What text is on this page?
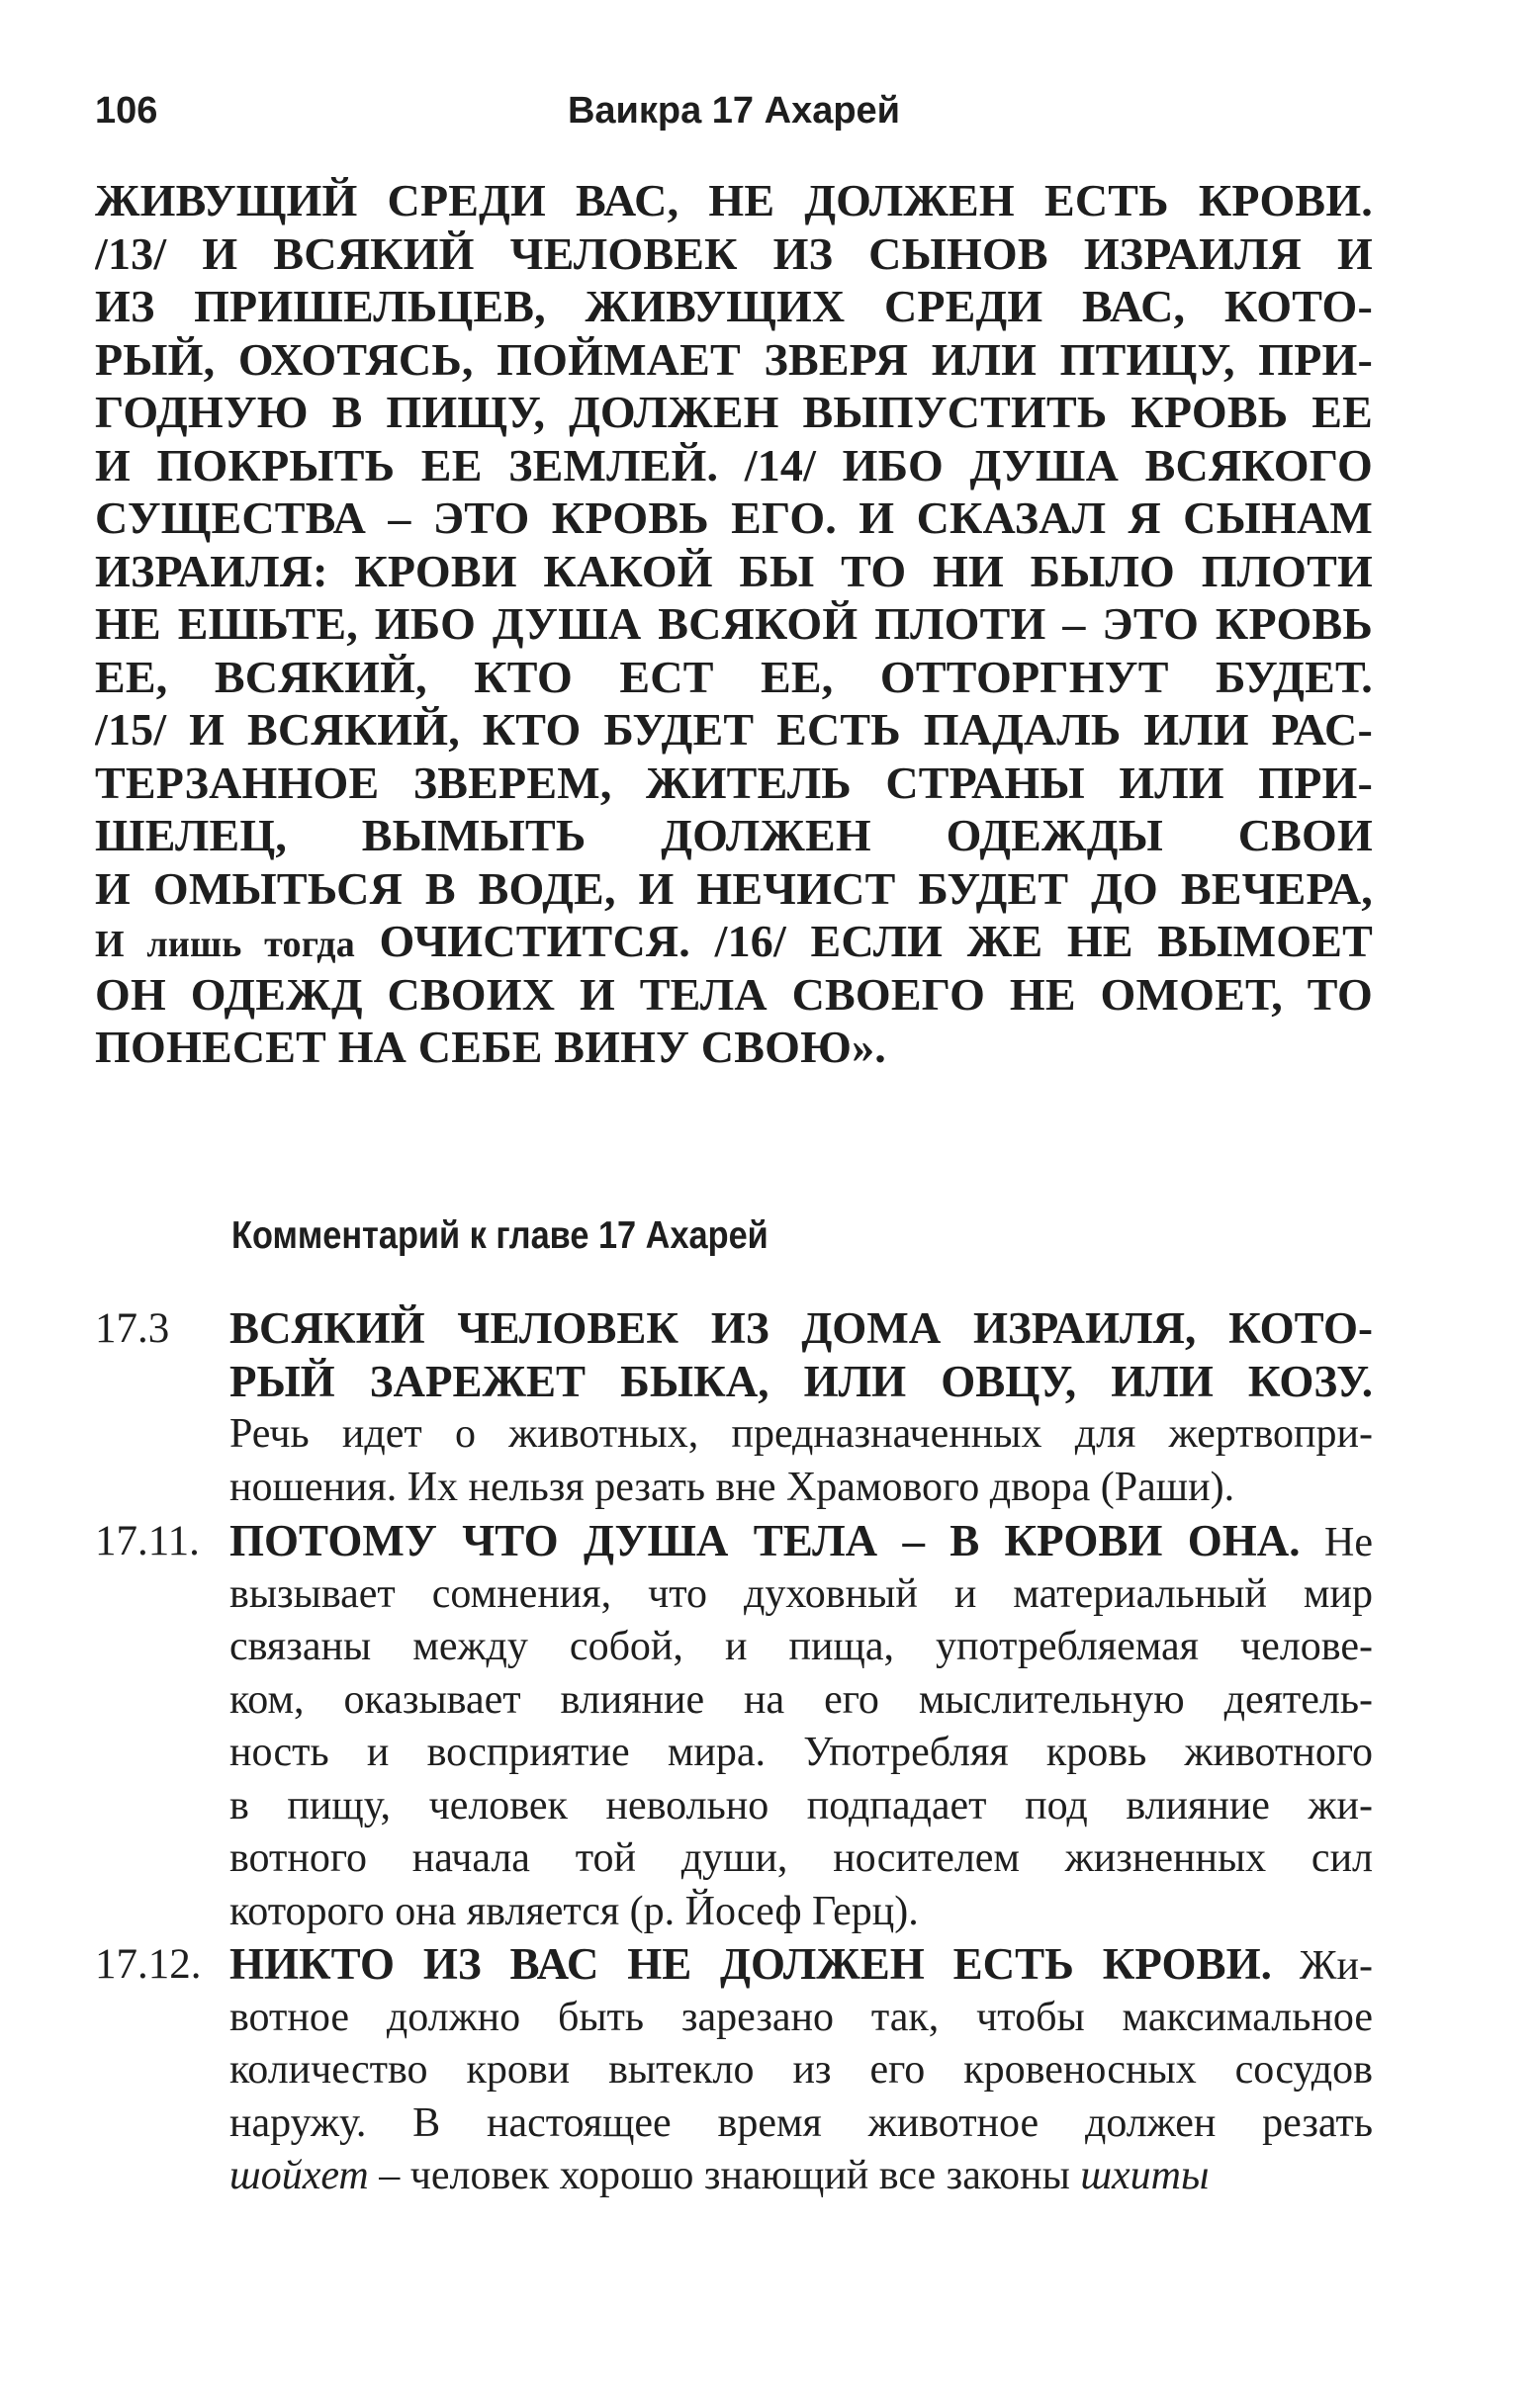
106	Ваикра 17 Ахарей
ЖИВУЩИЙ СРЕДИ ВАС, НЕ ДОЛЖЕН ЕСТЬ КРОВИ.
/13/ И ВСЯКИЙ ЧЕЛОВЕК ИЗ СЫНОВ ИЗРАИЛЯ И
ИЗ ПРИШЕЛЬЦЕВ, ЖИВУЩИХ СРЕДИ ВАС, КОТО-
РЫЙ, ОХОТЯСЬ, ПОЙМАЕТ ЗВЕРЯ ИЛИ ПТИЦУ, ПРИ-
ГОДНУЮ В ПИЩУ, ДОЛЖЕН ВЫПУСТИТЬ КРОВЬ ЕЕ
И ПОКРЫТЬ ЕЕ ЗЕМЛЕЙ. /14/ ИБО ДУША ВСЯКОГО
СУЩЕСТВА – ЭТО КРОВЬ ЕГО. И СКАЗАЛ Я СЫНАМ
ИЗРАИЛЯ: КРОВИ КАКОЙ БЫ ТО НИ БЫЛО ПЛОТИ
НЕ ЕШЬТЕ, ИБО ДУША ВСЯКОЙ ПЛОТИ – ЭТО КРОВЬ
ЕЕ, ВСЯКИЙ, КТО ЕСТ ЕЕ, ОТТОРГНУТ БУДЕТ.
/15/ И ВСЯКИЙ, КТО БУДЕТ ЕСТЬ ПАДАЛЬ ИЛИ РАС-
ТЕРЗАННОЕ ЗВЕРЕМ, ЖИТЕЛЬ СТРАНЫ ИЛИ ПРИ-
ШЕЛЕЦ, ВЫМЫТЬ ДОЛЖЕН ОДЕЖДЫ СВОИ
И ОМЫТЬСЯ В ВОДЕ, И НЕЧИСТ БУДЕТ ДО ВЕЧЕРА,
И лишь тогда ОЧИСТИТСЯ. /16/ ЕСЛИ ЖЕ НЕ ВЫМОЕТ
ОН ОДЕЖД СВОИХ И ТЕЛА СВОЕГО НЕ ОМОЕТ, ТО
ПОНЕСЕТ НА СЕБЕ ВИНУ СВОЮ».
Комментарий к главе 17 Ахарей
17.3 ВСЯКИЙ ЧЕЛОВЕК ИЗ ДОМА ИЗРАИЛЯ, КОТО-
РЫЙ ЗАРЕЖЕТ БЫКА, ИЛИ ОВЦУ, ИЛИ КОЗУ.
Речь идет о животных, предназначенных для жертвопри-
ношения. Их нельзя резать вне Храмового двора (Раши).
17.11. ПОТОМУ ЧТО ДУША ТЕЛА – В КРОВИ ОНА. Не
вызывает сомнения, что духовный и материальный мир
связаны между собой, и пища, употребляемая челове-
ком, оказывает влияние на его мыслительную деятель-
ность и восприятие мира. Употребляя кровь животного
в пищу, человек невольно подпадает под влияние жи-
вотного начала той души, носителем жизненных сил
которого она является (р. Йосеф Герц).
17.12. НИКТО ИЗ ВАС НЕ ДОЛЖЕН ЕСТЬ КРОВИ. Жи-
вотное должно быть зарезано так, чтобы максимальное
количество крови вытекло из его кровеносных сосудов
наружу. В настоящее время животное должен резать
шойхет – человек хорошо знающий все законы шхиты
